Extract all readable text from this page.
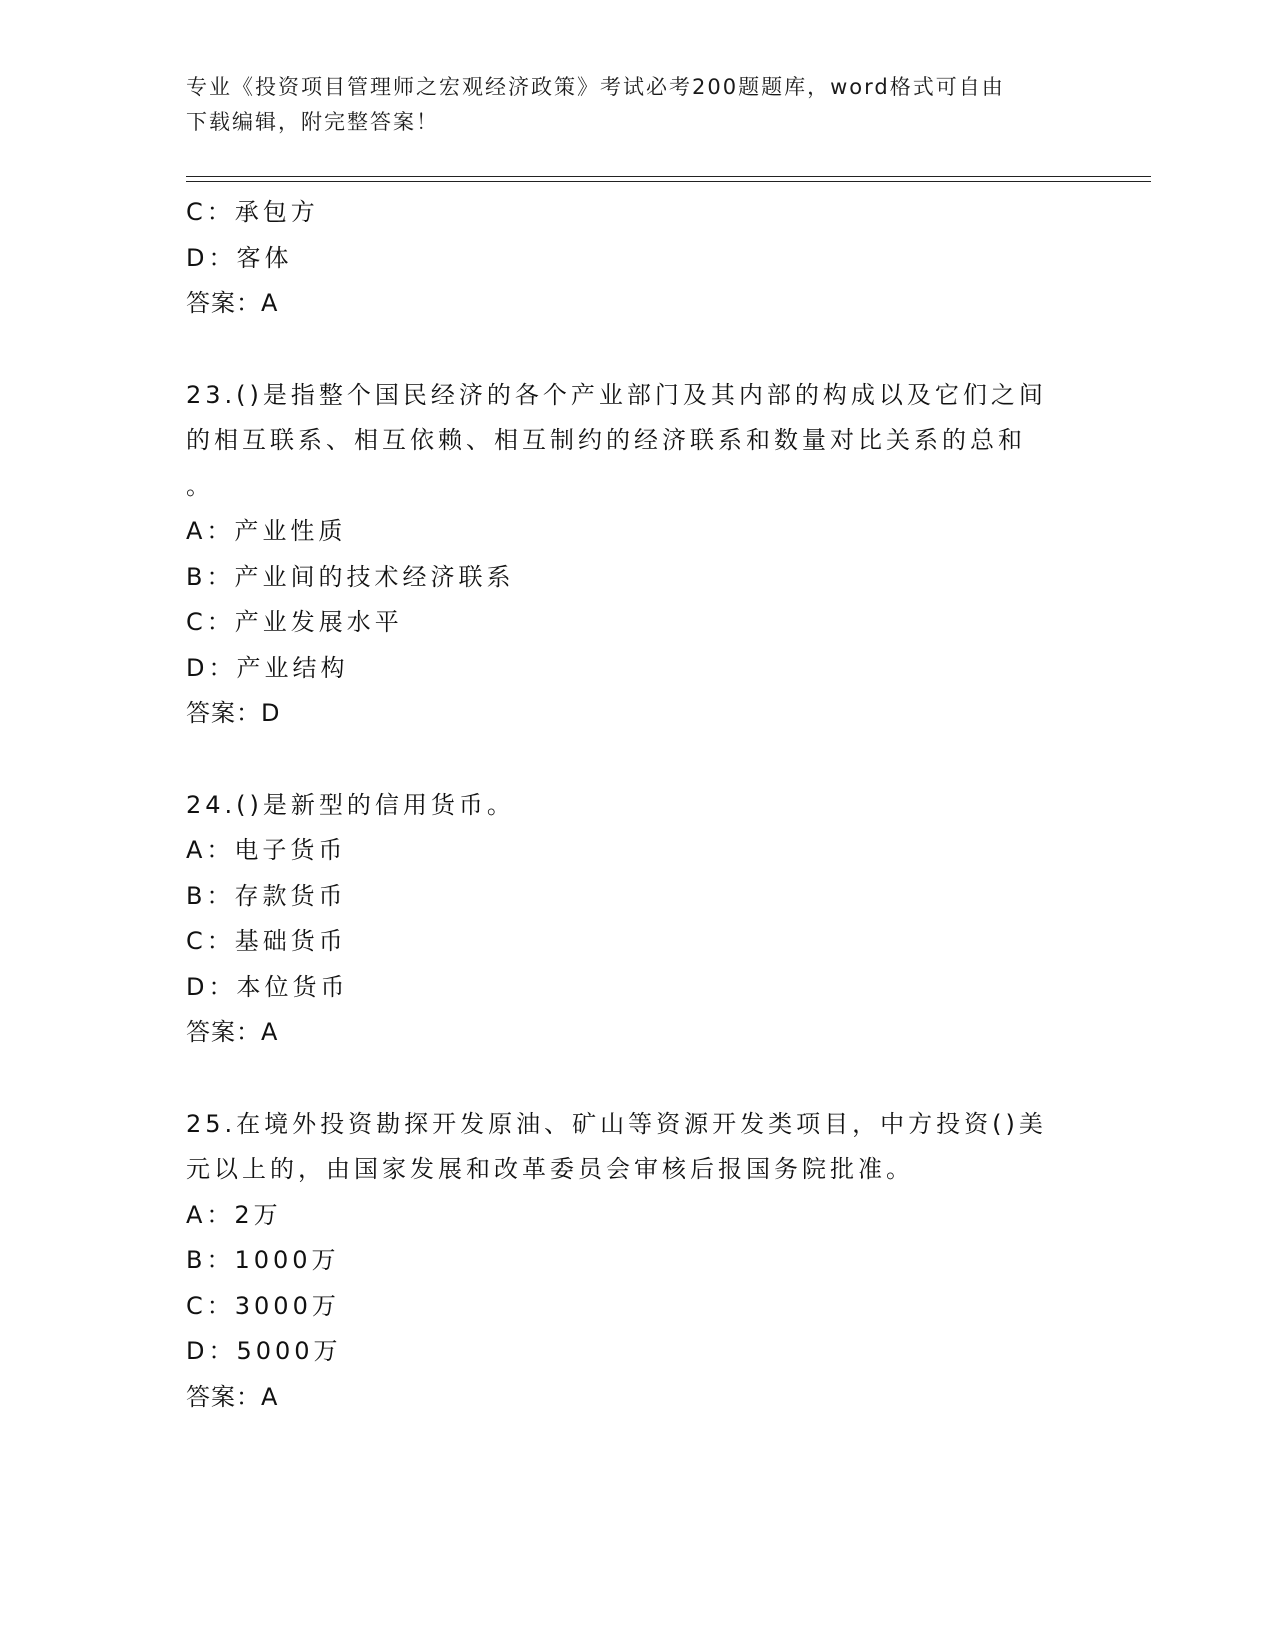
专业《投资项目管理师之宏观经济政策》考试必考200题题库，word格式可自由
下载编辑，附完整答案！
C：承包方
D：客体
答案：A
23.()是指整个国民经济的各个产业部门及其内部的构成以及它们之间
的相互联系、相互依赖、相互制约的经济联系和数量对比关系的总和
。
A：产业性质
B：产业间的技术经济联系
C：产业发展水平
D：产业结构
答案：D
24.()是新型的信用货币。
A：电子货币
B：存款货币
C：基础货币
D：本位货币
答案：A
25.在境外投资勘探开发原油、矿山等资源开发类项目，中方投资()美
元以上的，由国家发展和改革委员会审核后报国务院批准。
A：2万
B：1000万
C：3000万
D：5000万
答案：A
